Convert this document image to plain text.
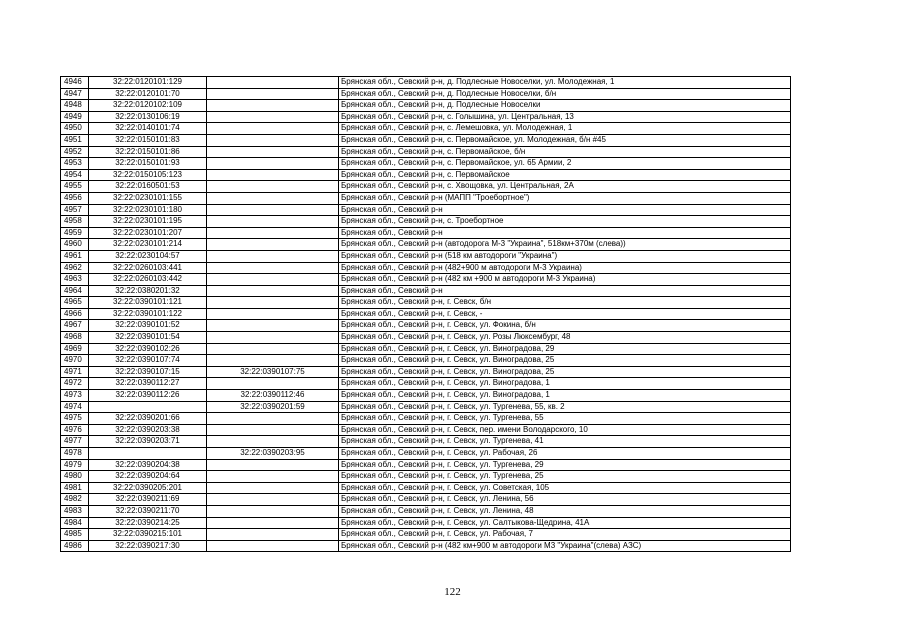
4946	32:22:0120101:129		Брянская обл., Севский р-н, д. Подлесные Новоселки, ул. Молодежная, 1
4947	32:22:0120101:70		Брянская обл., Севский р-н, д. Подлесные Новоселки, б/н
4948	32:22:0120102:109		Брянская обл., Севский р-н, д. Подлесные Новоселки
4949	32:22:0130106:19		Брянская обл., Севский р-н, с. Голышина, ул. Центральная, 13
4950	32:22:0140101:74		Брянская обл., Севский р-н, с. Лемешовка, ул. Молодежная, 1
4951	32:22:0150101:83		Брянская обл., Севский р-н, с. Первомайское, ул. Молодежная, б/н #45
4952	32:22:0150101:86		Брянская обл., Севский р-н, с. Первомайское, б/н
4953	32:22:0150101:93		Брянская обл., Севский р-н, с. Первомайское, ул. 65 Армии, 2
4954	32:22:0150105:123		Брянская обл., Севский р-н, с. Первомайское
4955	32:22:0160501:53		Брянская обл., Севский р-н, с. Хвощовка, ул. Центральная, 2А
4956	32:22:0230101:155		Брянская обл., Севский р-н (МАПП "Троебортное")
4957	32:22:0230101:180		Брянская обл., Севский р-н
4958	32:22:0230101:195		Брянская обл., Севский р-н, с. Троебортное
4959	32:22:0230101:207		Брянская обл., Севский р-н
4960	32:22:0230101:214		Брянская обл., Севский р-н (автодорога М-3 "Украина", 518км+370м (слева))
4961	32:22:0230104:57		Брянская обл., Севский р-н (518 км автодороги "Украина")
4962	32:22:0260103:441		Брянская обл., Севский р-н (482+900 м автодороги М-3 Украина)
4963	32:22:0260103:442		Брянская обл., Севский р-н (482 км +900 м автодороги М-3 Украина)
4964	32:22:0380201:32		Брянская обл., Севский р-н
4965	32:22:0390101:121		Брянская обл., Севский р-н, г. Севск, б/н
4966	32:22:0390101:122		Брянская обл., Севский р-н, г. Севск, -
4967	32:22:0390101:52		Брянская обл., Севский р-н, г. Севск, ул. Фокина, б/н
4968	32:22:0390101:54		Брянская обл., Севский р-н, г. Севск, ул. Розы Люксембург, 48
4969	32:22:0390102:26		Брянская обл., Севский р-н, г. Севск, ул. Виноградова, 29
4970	32:22:0390107:74		Брянская обл., Севский р-н, г. Севск, ул. Виноградова, 25
4971	32:22:0390107:15	32:22:0390107:75	Брянская обл., Севский р-н, г. Севск, ул. Виноградова, 25
4972	32:22:0390112:27		Брянская обл., Севский р-н, г. Севск, ул. Виноградова, 1
4973	32:22:0390112:26	32:22:0390112:46	Брянская обл., Севский р-н, г. Севск, ул. Виноградова, 1
4974		32:22:0390201:59	Брянская обл., Севский р-н, г. Севск, ул. Тургенева, 55, кв. 2
4975	32:22:0390201:66		Брянская обл., Севский р-н, г. Севск, ул. Тургенева, 55
4976	32:22:0390203:38		Брянская обл., Севский р-н, г. Севск, пер. имени Володарского, 10
4977	32:22:0390203:71		Брянская обл., Севский р-н, г. Севск, ул. Тургенева, 41
4978		32:22:0390203:95	Брянская обл., Севский р-н, г. Севск, ул. Рабочая, 26
4979	32:22:0390204:38		Брянская обл., Севский р-н, г. Севск, ул. Тургенева, 29
4980	32:22:0390204:64		Брянская обл., Севский р-н, г. Севск, ул. Тургенева, 25
4981	32:22:0390205:201		Брянская обл., Севский р-н, г. Севск, ул. Советская, 105
4982	32:22:0390211:69		Брянская обл., Севский р-н, г. Севск, ул. Ленина, 56
4983	32:22:0390211:70		Брянская обл., Севский р-н, г. Севск, ул. Ленина, 48
4984	32:22:0390214:25		Брянская обл., Севский р-н, г. Севск, ул. Салтыкова-Щедрина, 41А
4985	32:22:0390215:101		Брянская обл., Севский р-н, г. Севск, ул. Рабочая, 7
4986	32:22:0390217:30		Брянская обл., Севский р-н (482 км+900 м автодороги М3 "Украина"(слева) АЗС)
122
